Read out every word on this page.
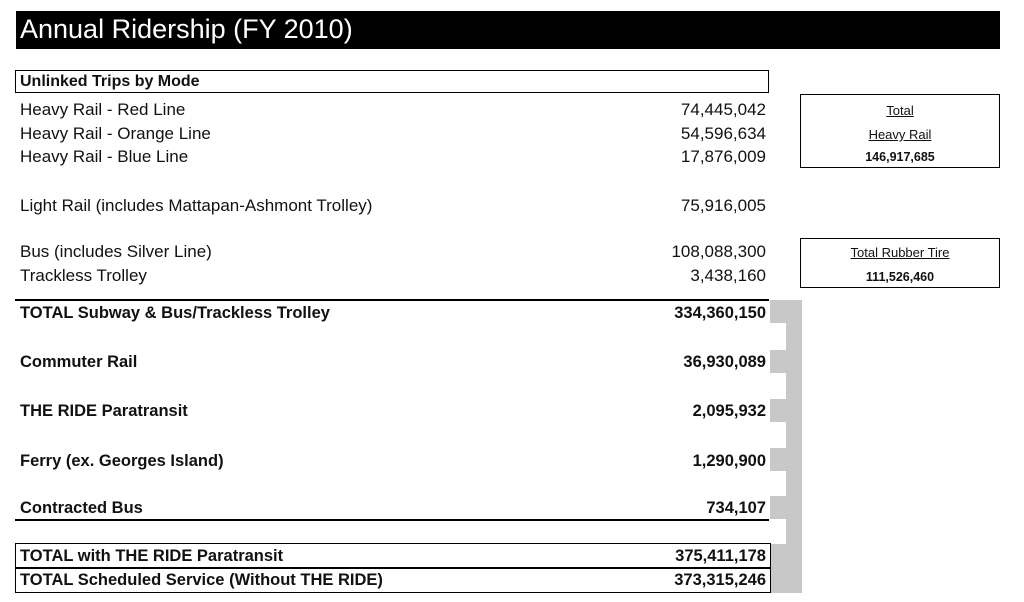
Annual Ridership (FY 2010)
Unlinked Trips by Mode
Heavy Rail - Red Line	74,445,042
Heavy Rail - Orange Line	54,596,634
Heavy Rail - Blue Line	17,876,009
Light Rail (includes Mattapan-Ashmont Trolley)	75,916,005
Bus (includes Silver Line)	108,088,300
Trackless Trolley	3,438,160
TOTAL Subway & Bus/Trackless Trolley	334,360,150
Commuter Rail	36,930,089
THE RIDE Paratransit	2,095,932
Ferry (ex. Georges Island)	1,290,900
Contracted Bus	734,107
TOTAL with THE RIDE Paratransit	375,411,178
TOTAL Scheduled Service (Without THE RIDE)	373,315,246
Total
Heavy Rail
146,917,685
Total Rubber Tire
111,526,460
